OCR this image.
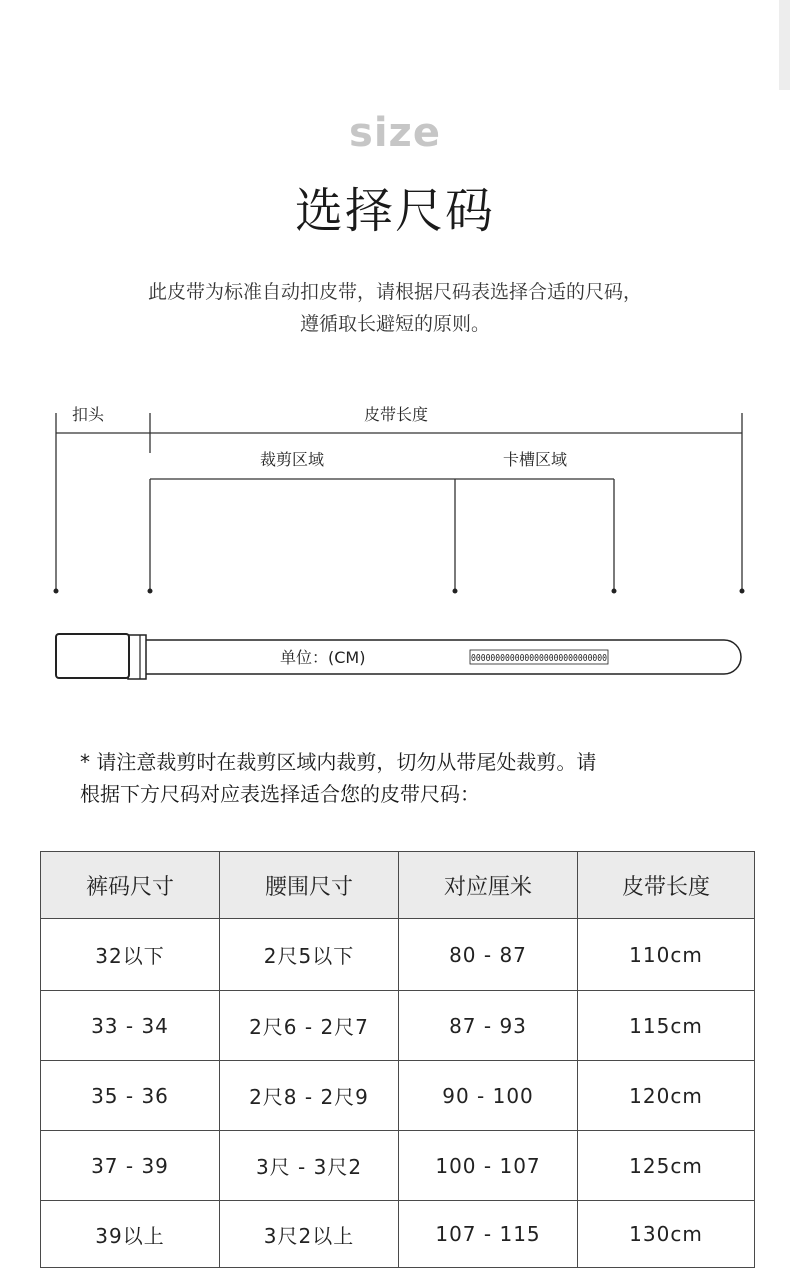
size
选择尺码
此皮带为标准自动扣皮带，请根据尺码表选择合适的尺码，
遵循取长避短的原则。
扣头	皮带长度
裁剪区域	卡槽区域
0000000000000000000000000000
单位：(CM)
* 请注意裁剪时在裁剪区域内裁剪，切勿从带尾处裁剪。请
根据下方尺码对应表选择适合您的皮带尺码：
裤码尺寸	腰围尺寸	对应厘米	皮带长度
32以下	2尺5以下	80 - 87	110cm
33 - 34	2尺6 - 2尺7	87 - 93	115cm
35 - 36	2尺8 - 2尺9	90 - 100	120cm
37 - 39	3尺 - 3尺2	100 - 107	125cm
39以上	3尺2以上	107 - 115	130cm
